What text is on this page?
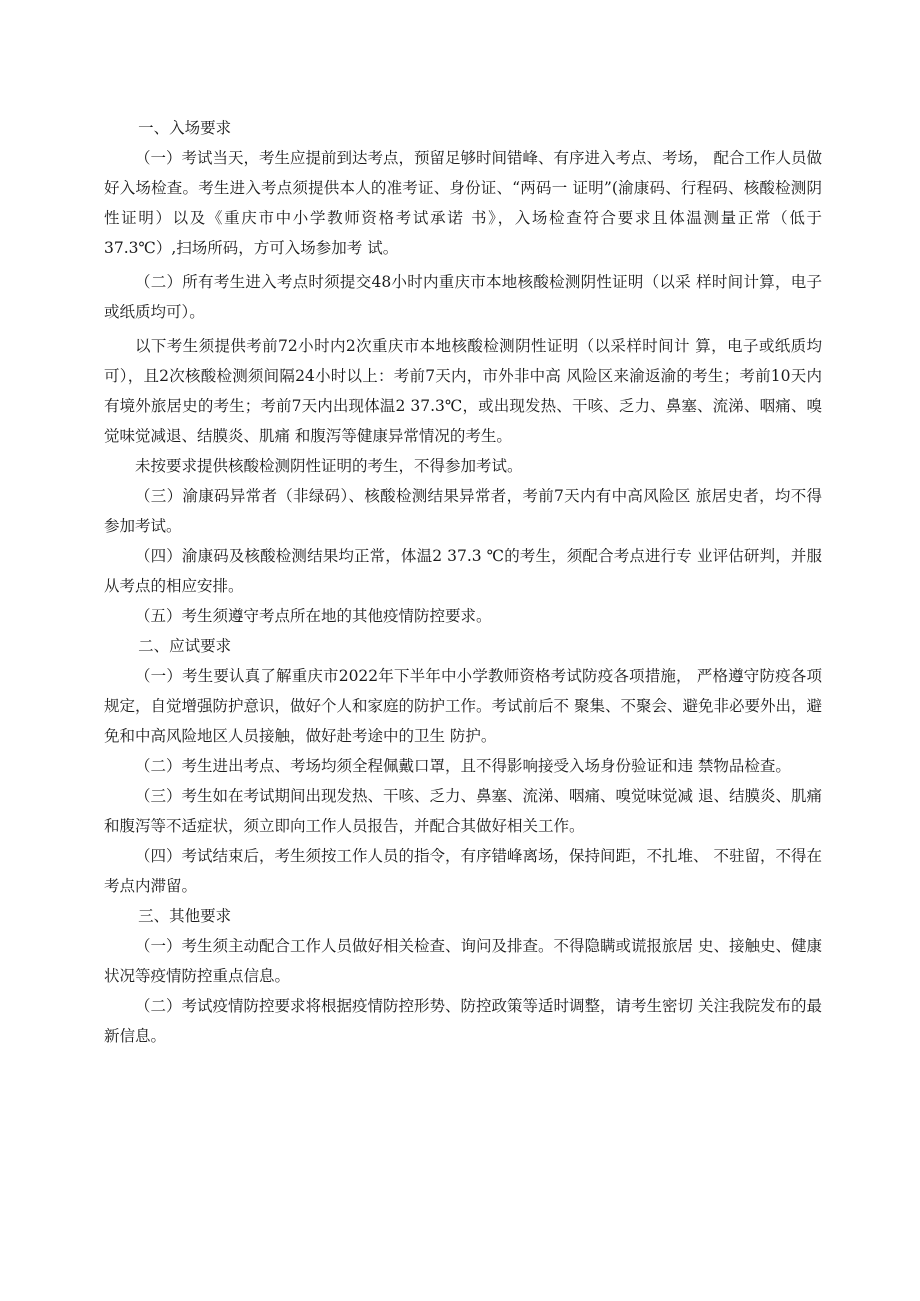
一、入场要求

（一）考试当天，考生应提前到达考点，预留足够时间错峰、有序进入考点、考场， 配合工作人员做好入场检查。考生进入考点须提供本人的准考证、身份证、“两码一 证明”(渝康码、行程码、核酸检测阴性证明）以及《重庆市中小学教师资格考试承诺 书》，入场检查符合要求且体温测量正常（低于37.3℃）,扫场所码，方可入场参加考 试。

（二）所有考生进入考点时须提交48小时内重庆市本地核酸检测阴性证明（以采 样时间计算，电子或纸质均可）。

以下考生须提供考前72小时内2次重庆市本地核酸检测阴性证明（以采样时间计 算，电子或纸质均可），且2次核酸检测须间隔24小时以上：考前7天内，市外非中高 风险区来渝返渝的考生；考前10天内有境外旅居史的考生；考前7天内出现体温2 37.3℃，或出现发热、干咳、乏力、鼻塞、流涕、咽痛、嗅觉味觉减退、结膜炎、肌痛 和腹泻等健康异常情况的考生。

未按要求提供核酸检测阴性证明的考生，不得参加考试。

（三）渝康码异常者（非绿码）、核酸检测结果异常者，考前7天内有中高风险区 旅居史者，均不得参加考试。

（四）渝康码及核酸检测结果均正常，体温2 37.3 ℃的考生，须配合考点进行专 业评估研判，并服从考点的相应安排。

（五）考生须遵守考点所在地的其他疫情防控要求。

二、应试要求

（一）考生要认真了解重庆市2022年下半年中小学教师资格考试防疫各项措施， 严格遵守防疫各项规定，自觉增强防护意识，做好个人和家庭的防护工作。考试前后不 聚集、不聚会、避免非必要外出，避免和中高风险地区人员接触，做好赴考途中的卫生 防护。

（二）考生进出考点、考场均须全程佩戴口罩，且不得影响接受入场身份验证和违 禁物品检查。

（三）考生如在考试期间出现发热、干咳、乏力、鼻塞、流涕、咽痛、嗅觉味觉减 退、结膜炎、肌痛和腹泻等不适症状，须立即向工作人员报告，并配合其做好相关工作。

（四）考试结束后，考生须按工作人员的指令，有序错峰离场，保持间距，不扎堆、 不驻留，不得在考点内滞留。

三、其他要求

（一）考生须主动配合工作人员做好相关检查、询问及排查。不得隐瞒或谎报旅居 史、接触史、健康状况等疫情防控重点信息。

（二）考试疫情防控要求将根据疫情防控形势、防控政策等适时调整，请考生密切 关注我院发布的最新信息。
